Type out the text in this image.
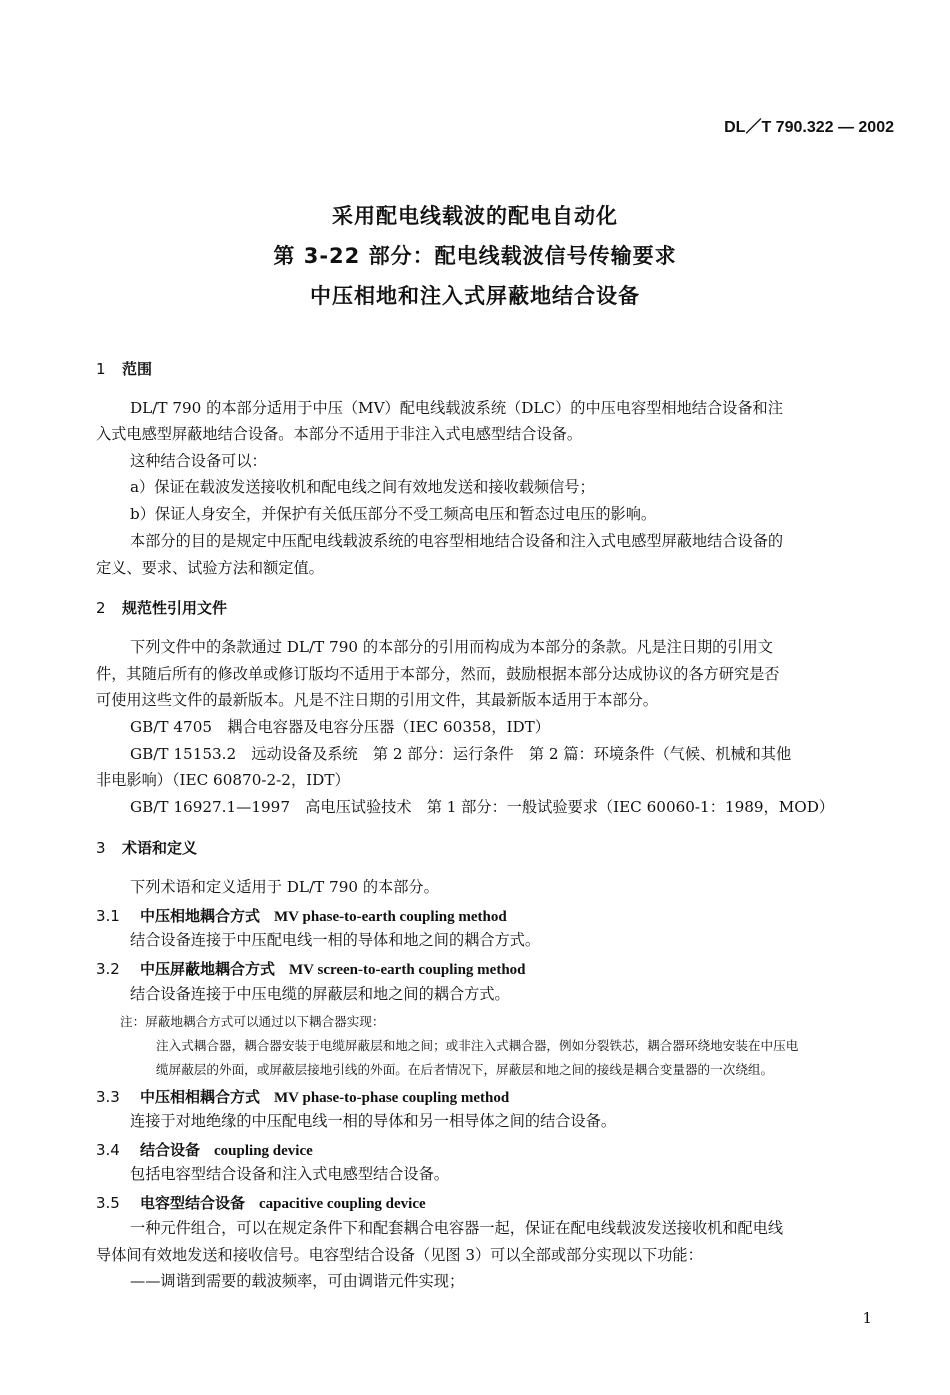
DL／T 790.322 — 2002
采用配电线载波的配电自动化
第 3-22 部分：配电线载波信号传输要求
中压相地和注入式屏蔽地结合设备
1 范围
DL/T 790 的本部分适用于中压（MV）配电线载波系统（DLC）的中压电容型相地结合设备和注
入式电感型屏蔽地结合设备。本部分不适用于非注入式电感型结合设备。
这种结合设备可以：
a）保证在载波发送接收机和配电线之间有效地发送和接收载频信号；
b）保证人身安全，并保护有关低压部分不受工频高电压和暂态过电压的影响。
本部分的目的是规定中压配电线载波系统的电容型相地结合设备和注入式电感型屏蔽地结合设备的
定义、要求、试验方法和额定值。
2 规范性引用文件
下列文件中的条款通过 DL/T 790 的本部分的引用而构成为本部分的条款。凡是注日期的引用文
件，其随后所有的修改单或修订版均不适用于本部分，然而，鼓励根据本部分达成协议的各方研究是否
可使用这些文件的最新版本。凡是不注日期的引用文件，其最新版本适用于本部分。
GB/T 4705　耦合电容器及电容分压器（IEC 60358，IDT）
GB/T 15153.2　远动设备及系统　第 2 部分：运行条件　第 2 篇：环境条件（气候、机械和其他
非电影响）（IEC 60870-2-2，IDT）
GB/T 16927.1—1997　高电压试验技术　第 1 部分：一般试验要求（IEC 60060-1：1989，MOD）
3 术语和定义
下列术语和定义适用于 DL/T 790 的本部分。
3.1 中压相地耦合方式 MV phase-to-earth coupling method
结合设备连接于中压配电线一相的导体和地之间的耦合方式。
3.2 中压屏蔽地耦合方式 MV screen-to-earth coupling method
结合设备连接于中压电缆的屏蔽层和地之间的耦合方式。
注：屏蔽地耦合方式可以通过以下耦合器实现：
注入式耦合器，耦合器安装于电缆屏蔽层和地之间；或非注入式耦合器，例如分裂铁芯，耦合器环绕地安装在中压电
缆屏蔽层的外面，或屏蔽层接地引线的外面。在后者情况下，屏蔽层和地之间的接线是耦合变量器的一次绕组。
3.3 中压相相耦合方式 MV phase-to-phase coupling method
连接于对地绝缘的中压配电线一相的导体和另一相导体之间的结合设备。
3.4 结合设备 coupling device
包括电容型结合设备和注入式电感型结合设备。
3.5 电容型结合设备 capacitive coupling device
一种元件组合，可以在规定条件下和配套耦合电容器一起，保证在配电线载波发送接收机和配电线
导体间有效地发送和接收信号。电容型结合设备（见图 3）可以全部或部分实现以下功能：
——调谐到需要的载波频率，可由调谐元件实现；
1
